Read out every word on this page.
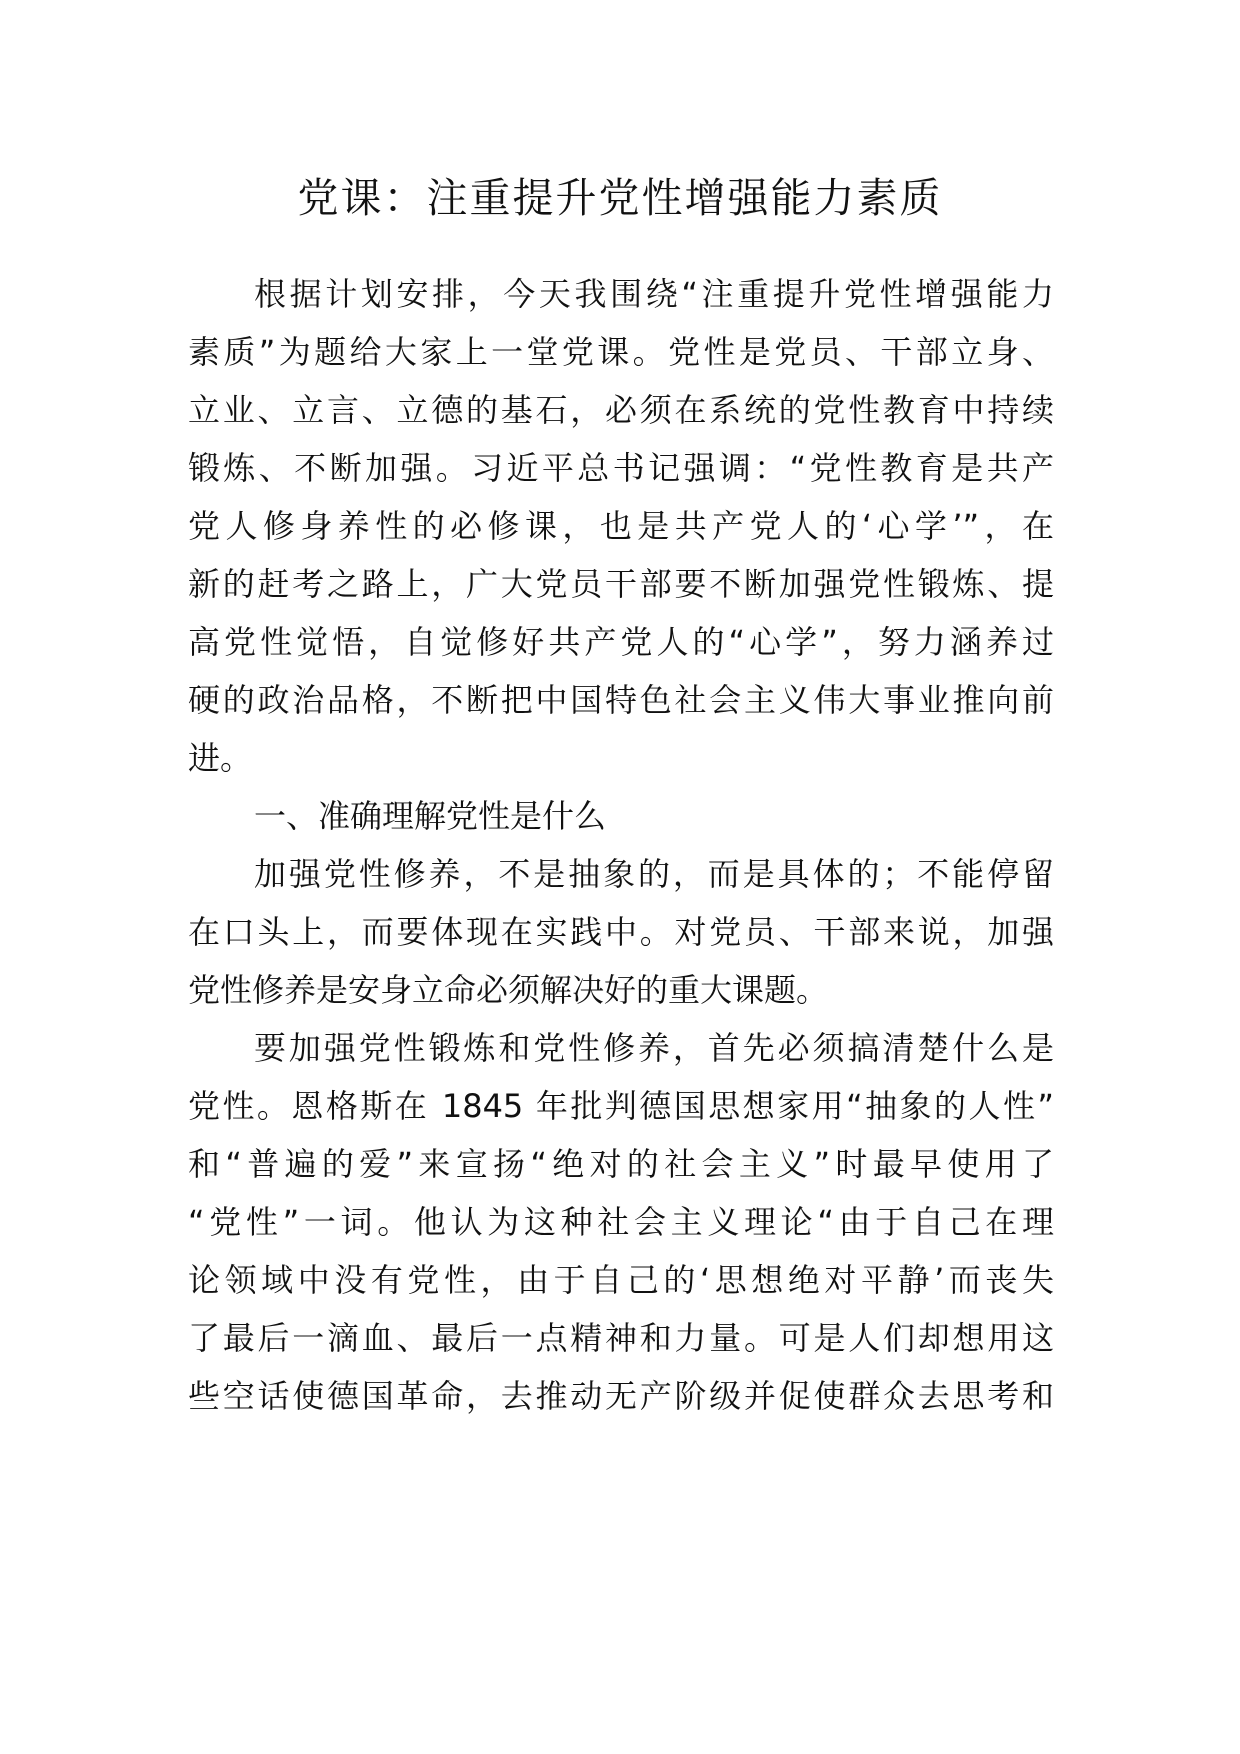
党课：注重提升党性增强能力素质

根据计划安排，今天我围绕“注重提升党性增强能力

素质”为题给大家上一堂党课。党性是党员、干部立身、

立业、立言、立德的基石，必须在系统的党性教育中持续

锻炼、不断加强。习近平总书记强调：“党性教育是共产

党人修身养性的必修课，也是共产党人的‘心学’”，在

新的赶考之路上，广大党员干部要不断加强党性锻炼、提

高党性觉悟，自觉修好共产党人的“心学”，努力涵养过

硬的政治品格，不断把中国特色社会主义伟大事业推向前

进。

一、准确理解党性是什么

加强党性修养，不是抽象的，而是具体的；不能停留

在口头上，而要体现在实践中。对党员、干部来说，加强

党性修养是安身立命必须解决好的重大课题。

要加强党性锻炼和党性修养，首先必须搞清楚什么是

党性。恩格斯在 1845 年批判德国思想家用“抽象的人性”

和“普遍的爱”来宣扬“绝对的社会主义”时最早使用了

“党性”一词。他认为这种社会主义理论“由于自己在理

论领域中没有党性，由于自己的‘思想绝对平静’而丧失

了最后一滴血、最后一点精神和力量。可是人们却想用这

些空话使德国革命，去推动无产阶级并促使群众去思考和
